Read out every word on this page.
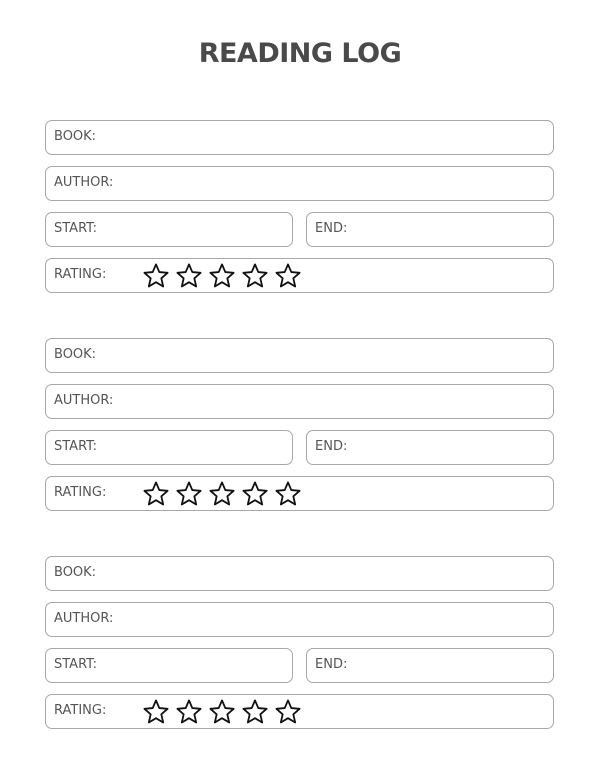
READING LOG
BOOK:
AUTHOR:
START:	END:
RATING:
BOOK:
AUTHOR:
START:	END:
RATING:
BOOK:
AUTHOR:
START:	END:
RATING:
